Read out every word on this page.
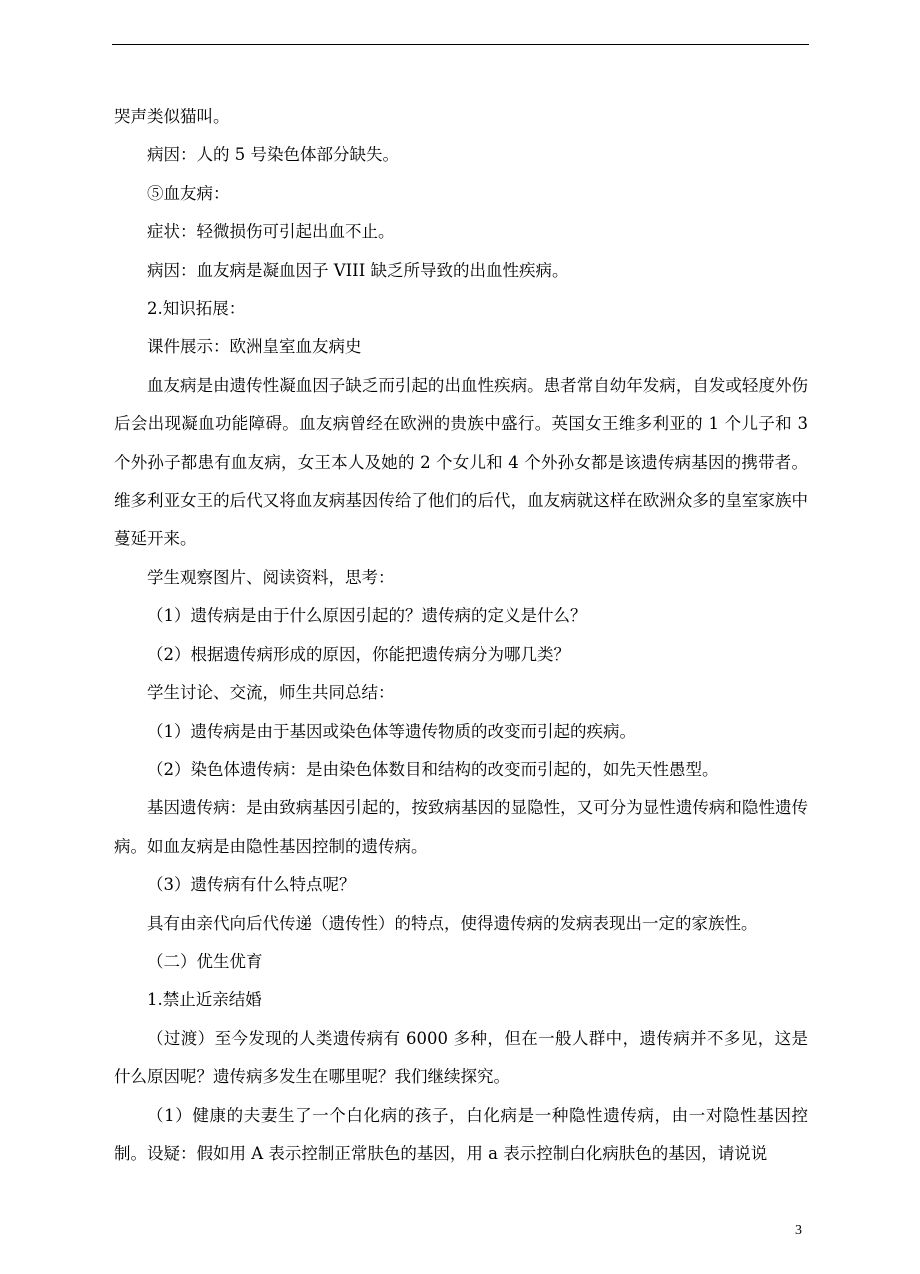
哭声类似猫叫。

病因：人的 5 号染色体部分缺失。

⑤血友病：

症状：轻微损伤可引起出血不止。

病因：血友病是凝血因子 VIII 缺乏所导致的出血性疾病。

2.知识拓展：

课件展示：欧洲皇室血友病史

血友病是由遗传性凝血因子缺乏而引起的出血性疾病。患者常自幼年发病，自发或轻度外伤后会出现凝血功能障碍。血友病曾经在欧洲的贵族中盛行。英国女王维多利亚的 1 个儿子和 3 个外孙子都患有血友病，女王本人及她的 2 个女儿和 4 个外孙女都是该遗传病基因的携带者。维多利亚女王的后代又将血友病基因传给了他们的后代，血友病就这样在欧洲众多的皇室家族中蔓延开来。

学生观察图片、阅读资料，思考：

（1）遗传病是由于什么原因引起的？遗传病的定义是什么？

（2）根据遗传病形成的原因，你能把遗传病分为哪几类？

学生讨论、交流，师生共同总结：

（1）遗传病是由于基因或染色体等遗传物质的改变而引起的疾病。

（2）染色体遗传病：是由染色体数目和结构的改变而引起的，如先天性愚型。

基因遗传病：是由致病基因引起的，按致病基因的显隐性，又可分为显性遗传病和隐性遗传病。如血友病是由隐性基因控制的遗传病。

（3）遗传病有什么特点呢？

具有由亲代向后代传递（遗传性）的特点，使得遗传病的发病表现出一定的家族性。

（二）优生优育

1.禁止近亲结婚

（过渡）至今发现的人类遗传病有 6000 多种，但在一般人群中，遗传病并不多见，这是什么原因呢？遗传病多发生在哪里呢？我们继续探究。

（1）健康的夫妻生了一个白化病的孩子，白化病是一种隐性遗传病，由一对隐性基因控制。设疑：假如用 A 表示控制正常肤色的基因，用 a 表示控制白化病肤色的基因，请说说

3
